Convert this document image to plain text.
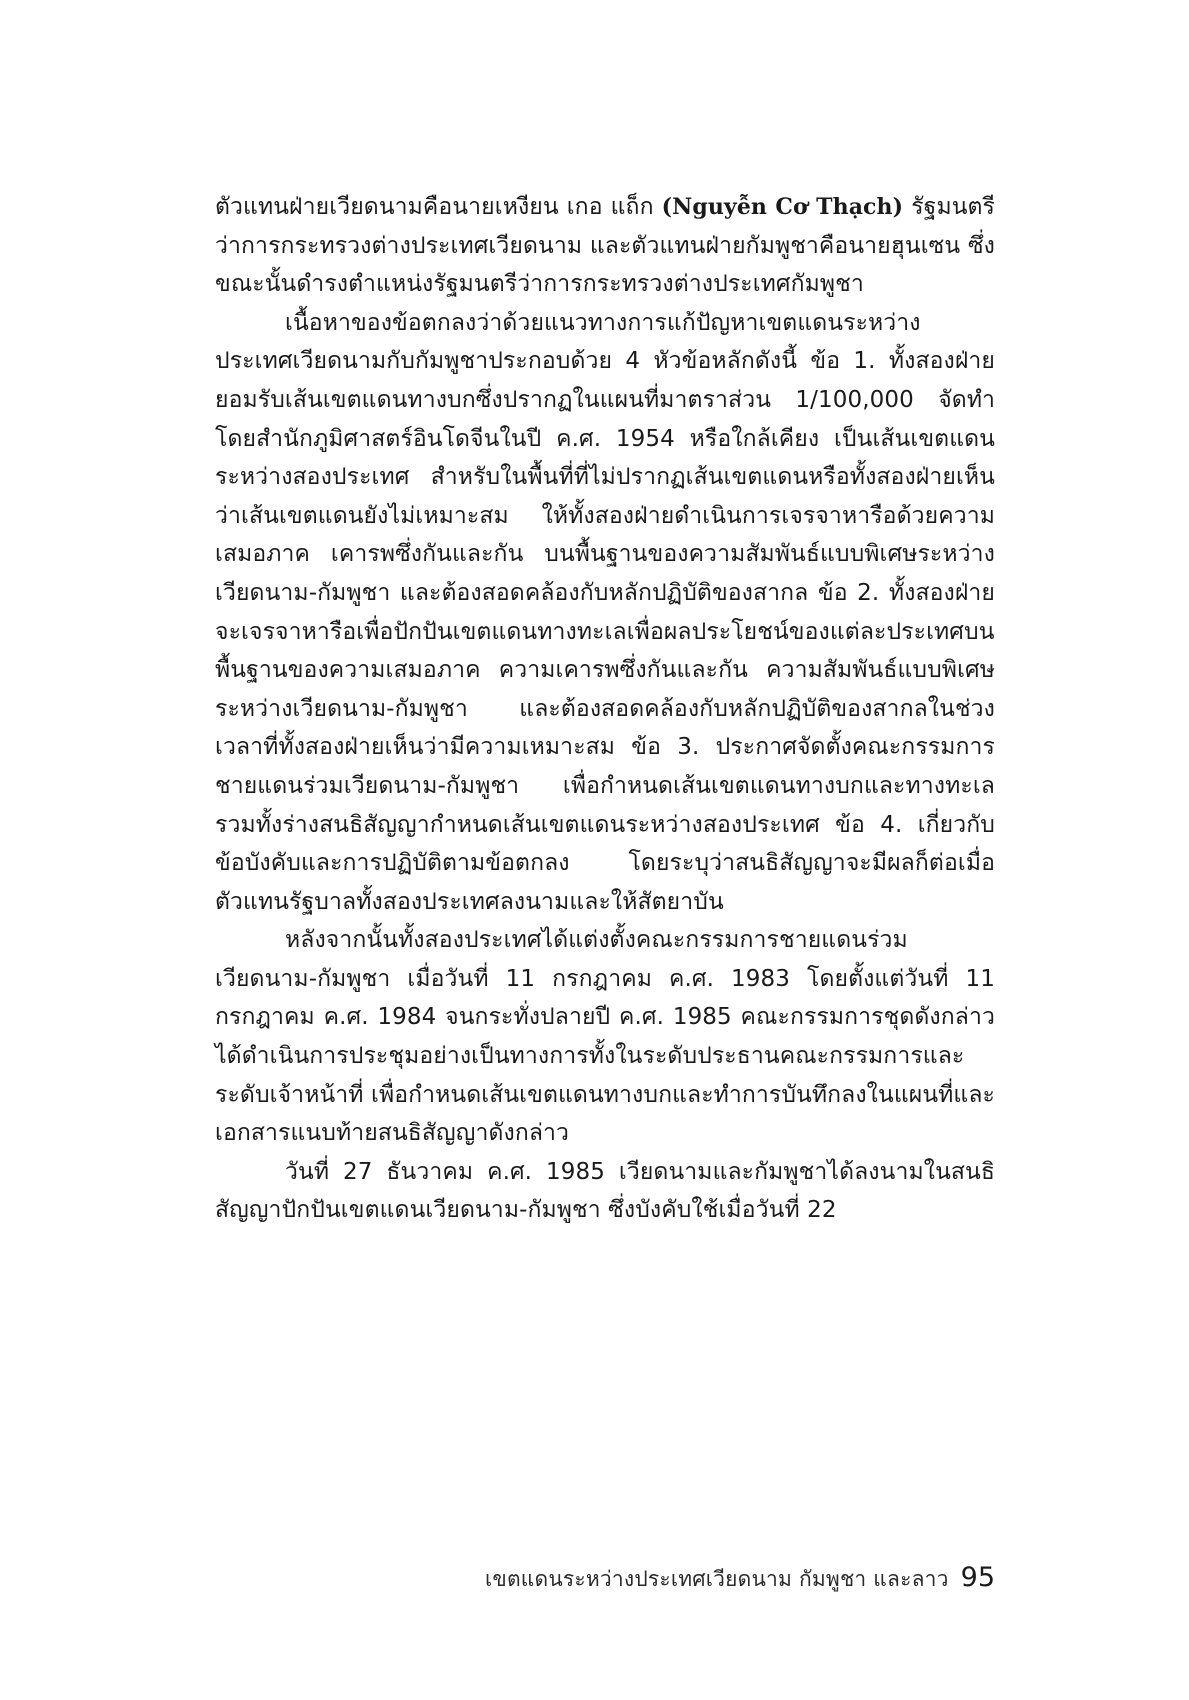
ตัวแทนฝ่ายเวียดนามคือนายเหงียน เกอ แถ็ก (Nguyễn Cơ Thạch) รัฐมนตรีว่าการกระทรวงต่างประเทศเวียดนาม และตัวแทนฝ่ายกัมพูชาคือนายฮุนเซน ซึ่งขณะนั้นดำรงตำแหน่งรัฐมนตรีว่าการกระทรวงต่างประเทศกัมพูชา

เนื้อหาของข้อตกลงว่าด้วยแนวทางการแก้ปัญหาเขตแดนระหว่างประเทศเวียดนามกับกัมพูชาประกอบด้วย 4 หัวข้อหลักดังนี้ ข้อ 1. ทั้งสองฝ่ายยอมรับเส้นเขตแดนทางบกซึ่งปรากฏในแผนที่มาตราส่วน 1/100,000 จัดทำโดยสำนักภูมิศาสตร์อินโดจีนในปี ค.ศ. 1954 หรือใกล้เคียง เป็นเส้นเขตแดนระหว่างสองประเทศ สำหรับในพื้นที่ที่ไม่ปรากฏเส้นเขตแดนหรือทั้งสองฝ่ายเห็นว่าเส้นเขตแดนยังไม่เหมาะสม ให้ทั้งสองฝ่ายดำเนินการเจรจาหารือด้วยความเสมอภาค เคารพซึ่งกันและกัน บนพื้นฐานของความสัมพันธ์แบบพิเศษระหว่างเวียดนาม-กัมพูชา และต้องสอดคล้องกับหลักปฏิบัติของสากล ข้อ 2. ทั้งสองฝ่ายจะเจรจาหารือเพื่อปักปันเขตแดนทางทะเลเพื่อผลประโยชน์ของแต่ละประเทศบนพื้นฐานของความเสมอภาค ความเคารพซึ่งกันและกัน ความสัมพันธ์แบบพิเศษระหว่างเวียดนาม-กัมพูชา และต้องสอดคล้องกับหลักปฏิบัติของสากลในช่วงเวลาที่ทั้งสองฝ่ายเห็นว่ามีความเหมาะสม ข้อ 3. ประกาศจัดตั้งคณะกรรมการชายแดนร่วมเวียดนาม-กัมพูชา เพื่อกำหนดเส้นเขตแดนทางบกและทางทะเล รวมทั้งร่างสนธิสัญญากำหนดเส้นเขตแดนระหว่างสองประเทศ ข้อ 4. เกี่ยวกับข้อบังคับและการปฏิบัติตามข้อตกลง โดยระบุว่าสนธิสัญญาจะมีผลก็ต่อเมื่อตัวแทนรัฐบาลทั้งสองประเทศลงนามและให้สัตยาบัน

หลังจากนั้นทั้งสองประเทศได้แต่งตั้งคณะกรรมการชายแดนร่วมเวียดนาม-กัมพูชา เมื่อวันที่ 11 กรกฎาคม ค.ศ. 1983 โดยตั้งแต่วันที่ 11 กรกฎาคม ค.ศ. 1984 จนกระทั่งปลายปี ค.ศ. 1985 คณะกรรมการชุดดังกล่าวได้ดำเนินการประชุมอย่างเป็นทางการทั้งในระดับประธานคณะกรรมการและระดับเจ้าหน้าที่ เพื่อกำหนดเส้นเขตแดนทางบกและทำการบันทึกลงในแผนที่และเอกสารแนบท้ายสนธิสัญญาดังกล่าว

วันที่ 27 ธันวาคม ค.ศ. 1985 เวียดนามและกัมพูชาได้ลงนามในสนธิสัญญาปักปันเขตแดนเวียดนาม-กัมพูชา ซึ่งบังคับใช้เมื่อวันที่ 22

เขตแดนระหว่างประเทศเวียดนาม กัมพูชา และลาว 95
